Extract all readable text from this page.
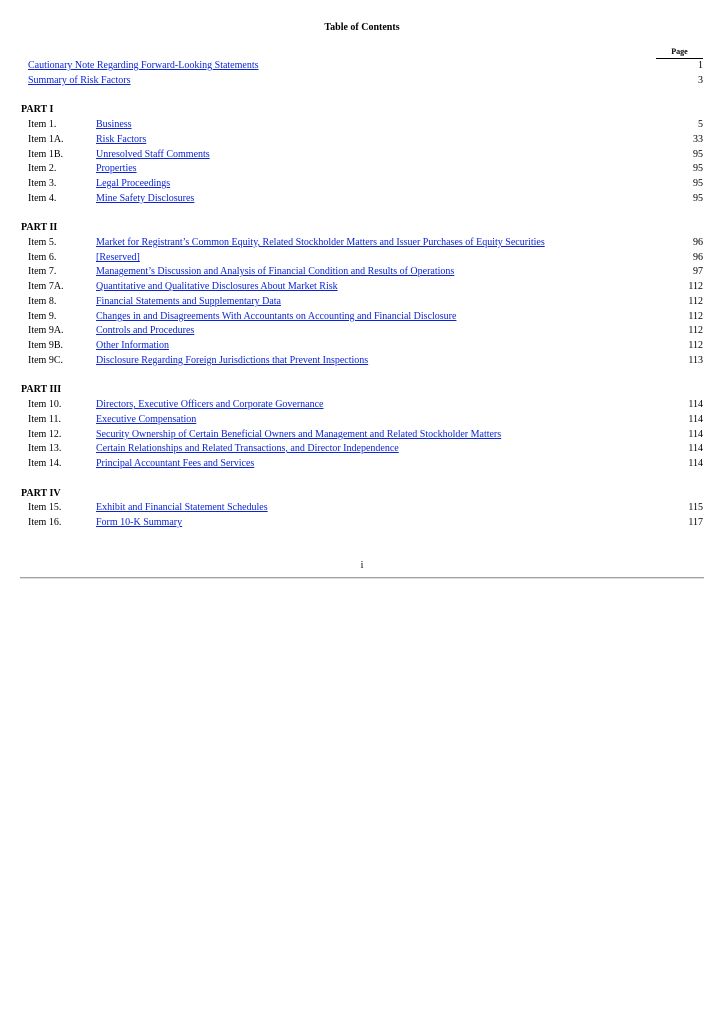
Table of Contents
Page
Cautionary Note Regarding Forward-Looking Statements	1
Summary of Risk Factors	3
PART I
Item 1.	Business	5
Item 1A.	Risk Factors	33
Item 1B.	Unresolved Staff Comments	95
Item 2.	Properties	95
Item 3.	Legal Proceedings	95
Item 4.	Mine Safety Disclosures	95
PART II
Item 5.	Market for Registrant’s Common Equity, Related Stockholder Matters and Issuer Purchases of Equity Securities	96
Item 6.	[Reserved]	96
Item 7.	Management’s Discussion and Analysis of Financial Condition and Results of Operations	97
Item 7A.	Quantitative and Qualitative Disclosures About Market Risk	112
Item 8.	Financial Statements and Supplementary Data	112
Item 9.	Changes in and Disagreements With Accountants on Accounting and Financial Disclosure	112
Item 9A.	Controls and Procedures	112
Item 9B.	Other Information	112
Item 9C.	Disclosure Regarding Foreign Jurisdictions that Prevent Inspections	113
PART III
Item 10.	Directors, Executive Officers and Corporate Governance	114
Item 11.	Executive Compensation	114
Item 12.	Security Ownership of Certain Beneficial Owners and Management and Related Stockholder Matters	114
Item 13.	Certain Relationships and Related Transactions, and Director Independence	114
Item 14.	Principal Accountant Fees and Services	114
PART IV
Item 15.	Exhibit and Financial Statement Schedules	115
Item 16.	Form 10-K Summary	117
i
